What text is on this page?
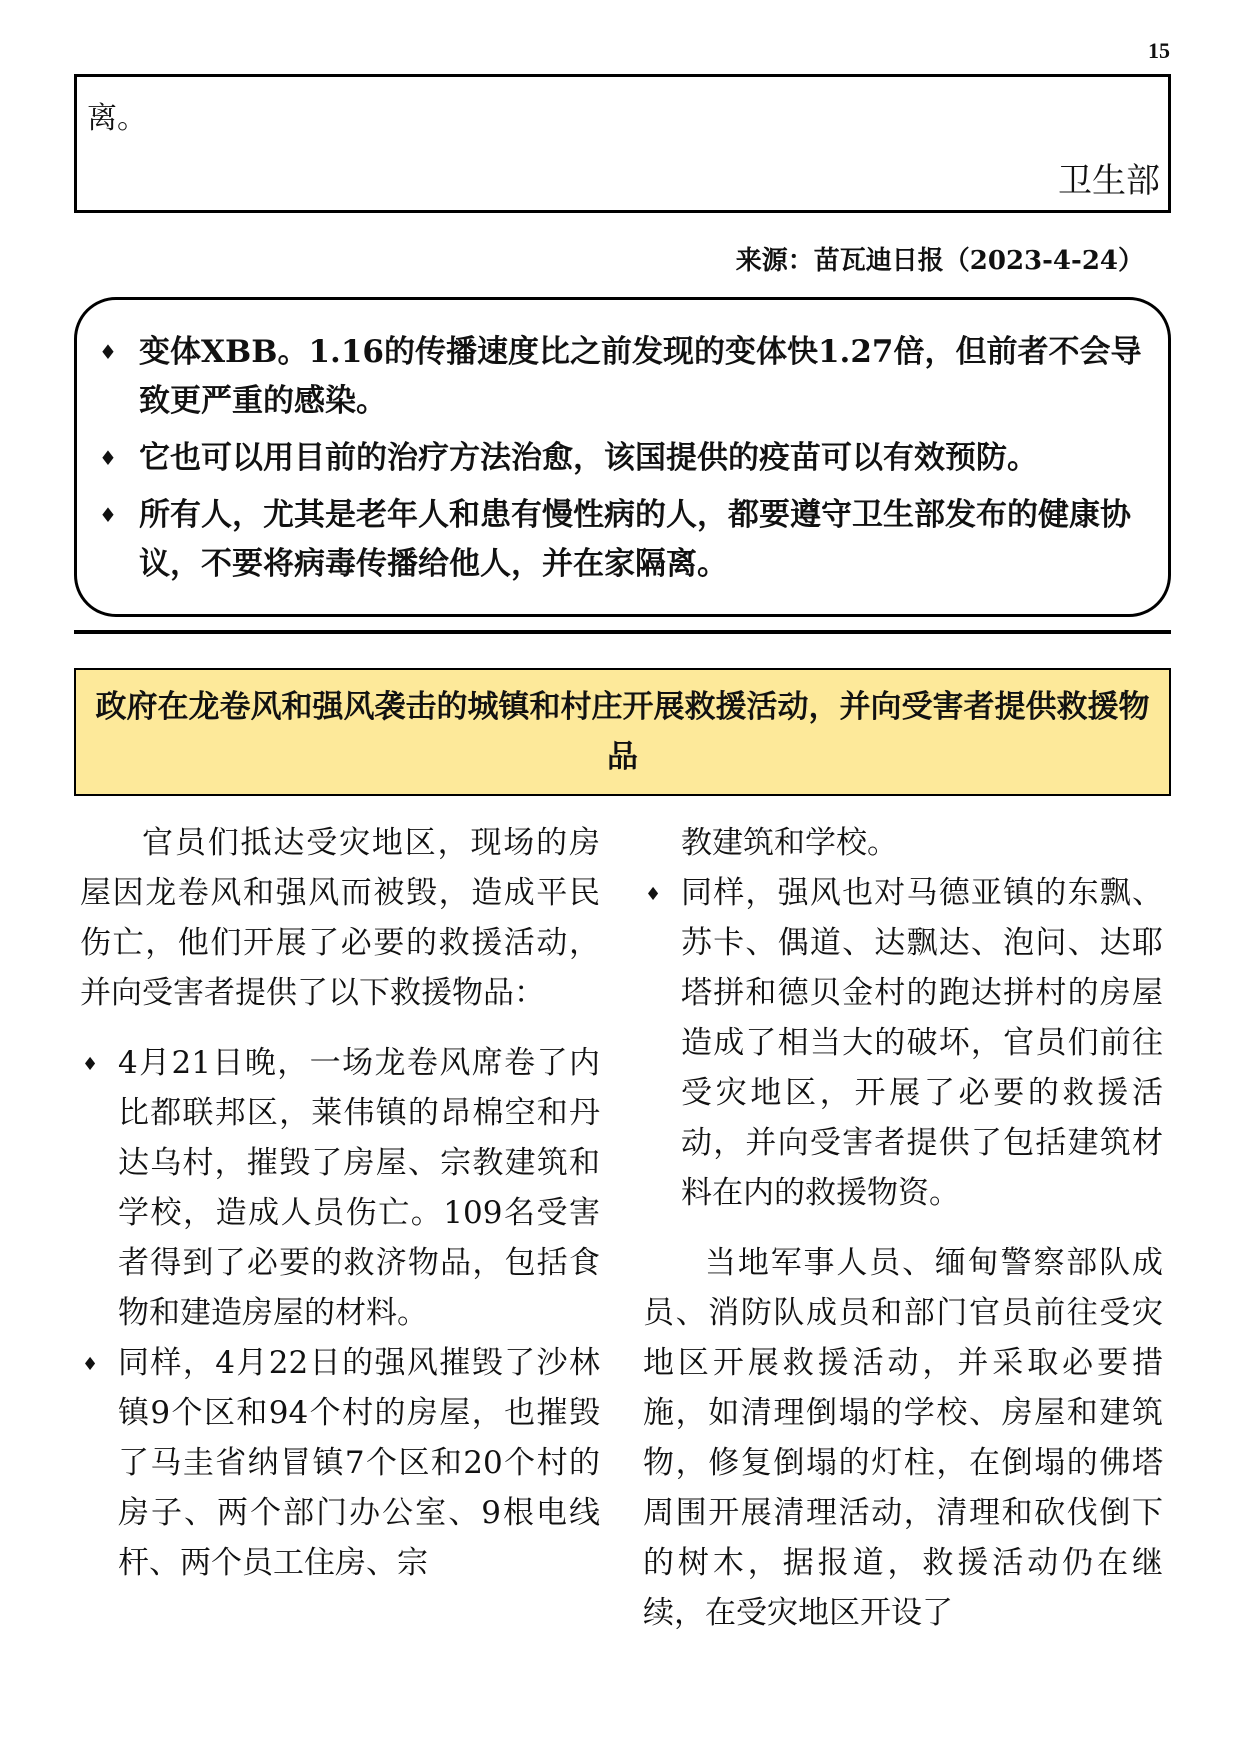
15
离。
卫生部
来源：苗瓦迪日报（2023-4-24）
♦ 变体XBB。1.16的传播速度比之前发现的变体快1.27倍，但前者不会导致更严重的感染。
♦ 它也可以用目前的治疗方法治愈，该国提供的疫苗可以有效预防。
♦ 所有人，尤其是老年人和患有慢性病的人，都要遵守卫生部发布的健康协议，不要将病毒传播给他人，并在家隔离。
政府在龙卷风和强风袭击的城镇和村庄开展救援活动，并向受害者提供救援物品

官员们抵达受灾地区，现场的房屋因龙卷风和强风而被毁，造成平民伤亡，他们开展了必要的救援活动，并向受害者提供了以下救援物品：

♦ 4月21日晚，一场龙卷风席卷了内比都联邦区，莱伟镇的昂棉空和丹达乌村，摧毁了房屋、宗教建筑和学校，造成人员伤亡。109名受害者得到了必要的救济物品，包括食物和建造房屋的材料。
♦ 同样，4月22日的强风摧毁了沙林镇9个区和94个村的房屋，也摧毁了马圭省纳冒镇7个区和20个村的房子、两个部门办公室、9根电线杆、两个员工住房、宗

教建筑和学校。

♦ 同样，强风也对马德亚镇的东飘、苏卡、偶道、达飘达、泡问、达耶塔拼和德贝金村的跑达拼村的房屋造成了相当大的破坏，官员们前往受灾地区，开展了必要的救援活动，并向受害者提供了包括建筑材料在内的救援物资。

当地军事人员、缅甸警察部队成员、消防队成员和部门官员前往受灾地区开展救援活动，并采取必要措施，如清理倒塌的学校、房屋和建筑物，修复倒塌的灯柱，在倒塌的佛塔周围开展清理活动，清理和砍伐倒下的树木，据报道，救援活动仍在继续，在受灾地区开设了
